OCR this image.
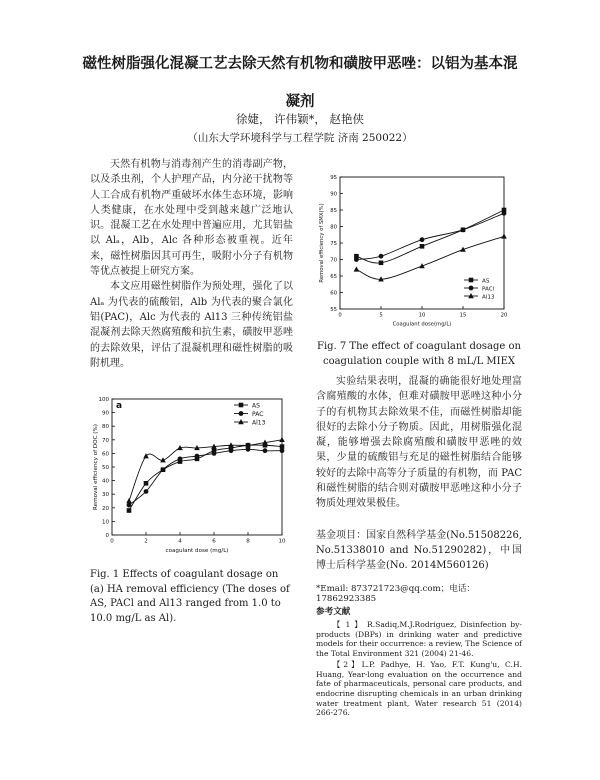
磁性树脂强化混凝工艺去除天然有机物和磺胺甲恶唑：以铝为基本混
凝剂
徐婕， 许伟颖*， 赵艳侠
（山东大学环境科学与工程学院 济南 250022）

天然有机物与消毒剂产生的消毒副产物，以及杀虫剂，个人护理产品，内分泌干扰物等人工合成有机物严重破坏水体生态环境，影响人类健康，在水处理中受到越来越广泛地认识。混凝工艺在水处理中普遍应用，尤其铝盐以 Alₐ，Alb，Alc 各种形态被重视。近年来，磁性树脂因其可再生，吸附小分子有机物等优点被提上研究方案。

本文应用磁性树脂作为预处理，强化了以 Alₐ 为代表的硫酸铝，Alb 为代表的聚合氯化铝(PAC)，Alc 为代表的 Al13 三种传统铝盐混凝剂去除天然腐殖酸和抗生素，磺胺甲恶唑的去除效果，评估了混凝机理和磁性树脂的吸附机理。

0
10
20
30
40
50
60
70
80
90
100
0	2	4	6	8	10
coagulant dose (mg/L)
Removal efficiency of DOC (%)
a	AS
PAC
Al13
Fig. 1 Effects of coagulant dosage on (a) HA removal efficiency (The doses of AS, PACl and Al13 ranged from 1.0 to 10.0 mg/L as Al).
55
60
65
70
75
80
85
90
95
0	5	10	15	20
Coagulant dose(mg/L)
Removal efficiency of SMX(%)	AS
PACl
Al13
Fig. 7 The effect of coagulant dosage on
coagulation couple with 8 mL/L MIEX

实验结果表明，混凝的确能很好地处理富含腐殖酸的水体，但难对磺胺甲恶唑这种小分子的有机物其去除效果不佳，而磁性树脂却能很好的去除小分子物质。因此，用树脂强化混凝，能够增强去除腐殖酸和磺胺甲恶唑的效果，少量的硫酸铝与充足的磁性树脂结合能够较好的去除中高等分子质量的有机物，而 PAC 和磁性树脂的结合则对磺胺甲恶唑这种小分子物质处理效果极佳。

基金项目：国家自然科学基金(No.51508226, No.51338010 and No.51290282)，中国博士后科学基金(No. 2014M560126)
*Email: 873721723@qq.com；电话：17862923385
参考文献

【 1 】 R.Sadiq,M.J.Rodriguez, Disinfection by-products (DBPs) in drinking water and predictive models for their occurrence: a review, The Science of the Total Environment 321 (2004) 21-46.

【2】L.P. Padhye, H. Yao, F.T. Kung'u, C.H. Huang, Year-long evaluation on the occurrence and fate of pharmaceuticals, personal care products, and endocrine disrupting chemicals in an urban drinking water treatment plant, Water research 51 (2014) 266-276.
